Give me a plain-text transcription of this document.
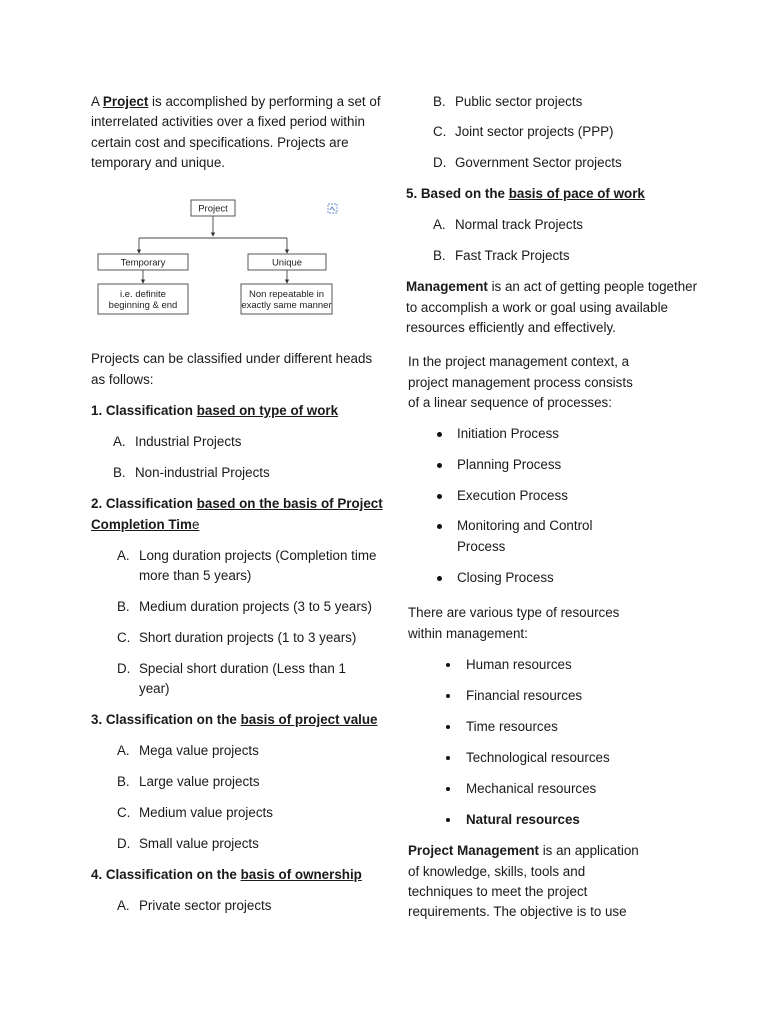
A Project is accomplished by performing a set of
interrelated activities over a fixed period within
certain cost and specifications. Projects are
temporary and unique.
Project
Temporary	Unique
i.e. definite
beginning & end
Non repeatable in
exactly same manner
Projects can be classified under different heads
as follows:
1. Classification based on type of work
A. Industrial Projects
B. Non-industrial Projects
2. Classification based on the basis of Project
Completion Time
A. Long duration projects (Completion time
more than 5 years)
B. Medium duration projects (3 to 5 years)
C. Short duration projects (1 to 3 years)
D. Special short duration (Less than 1
year)
3. Classification on the basis of project value
A. Mega value projects
B. Large value projects
C. Medium value projects
D. Small value projects
4. Classification on the basis of ownership
A. Private sector projects
B. Public sector projects
C. Joint sector projects (PPP)
D. Government Sector projects
5. Based on the basis of pace of work
A. Normal track Projects
B. Fast Track Projects
Management is an act of getting people together
to accomplish a work or goal using available
resources efficiently and effectively.
In the project management context, a
project management process consists
of a linear sequence of processes:
Initiation Process
Planning Process
Execution Process
Monitoring and Control
Process
Closing Process
There are various type of resources
within management:
Human resources
Financial resources
Time resources
Technological resources
Mechanical resources
Natural resources
Project Management is an application
of knowledge, skills, tools and
techniques to meet the project
requirements. The objective is to use
